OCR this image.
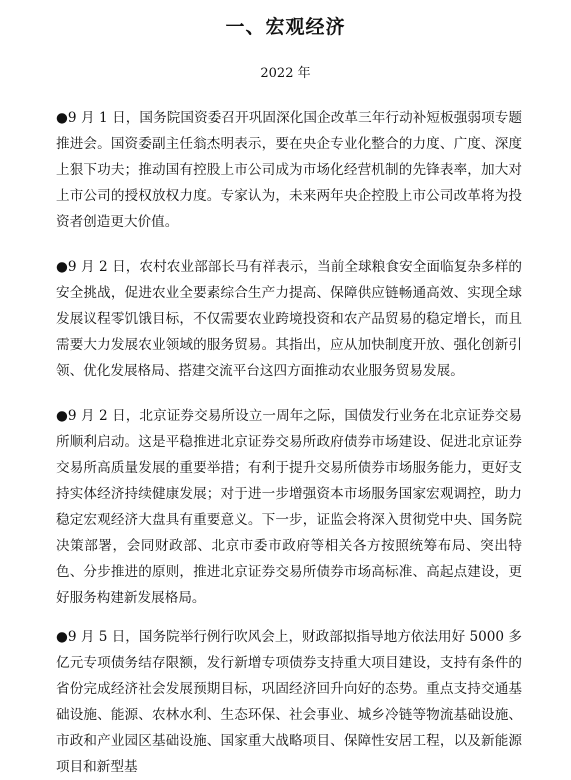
一、宏观经济
2022 年
●9 月 1 日，国务院国资委召开巩固深化国企改革三年行动补短板强弱项专题推进会。国资委副主任翁杰明表示，要在央企专业化整合的力度、广度、深度上狠下功夫；推动国有控股上市公司成为市场化经营机制的先锋表率，加大对上市公司的授权放权力度。专家认为，未来两年央企控股上市公司改革将为投资者创造更大价值。
●9 月 2 日，农村农业部部长马有祥表示，当前全球粮食安全面临复杂多样的安全挑战，促进农业全要素综合生产力提高、保障供应链畅通高效、实现全球发展议程零饥饿目标，不仅需要农业跨境投资和农产品贸易的稳定增长，而且需要大力发展农业领域的服务贸易。其指出，应从加快制度开放、强化创新引领、优化发展格局、搭建交流平台这四方面推动农业服务贸易发展。
●9 月 2 日，北京证券交易所设立一周年之际，国债发行业务在北京证券交易所顺利启动。这是平稳推进北京证券交易所政府债券市场建设、促进北京证券交易所高质量发展的重要举措；有利于提升交易所债券市场服务能力，更好支持实体经济持续健康发展；对于进一步增强资本市场服务国家宏观调控，助力稳定宏观经济大盘具有重要意义。下一步，证监会将深入贯彻党中央、国务院决策部署，会同财政部、北京市委市政府等相关各方按照统筹布局、突出特色、分步推进的原则，推进北京证券交易所债券市场高标准、高起点建设，更好服务构建新发展格局。
●9 月 5 日，国务院举行例行吹风会上，财政部拟指导地方依法用好 5000 多亿元专项债务结存限额，发行新增专项债券支持重大项目建设，支持有条件的省份完成经济社会发展预期目标，巩固经济回升向好的态势。重点支持交通基础设施、能源、农林水利、生态环保、社会事业、城乡冷链等物流基础设施、市政和产业园区基础设施、国家重大战略项目、保障性安居工程，以及新能源项目和新型基
